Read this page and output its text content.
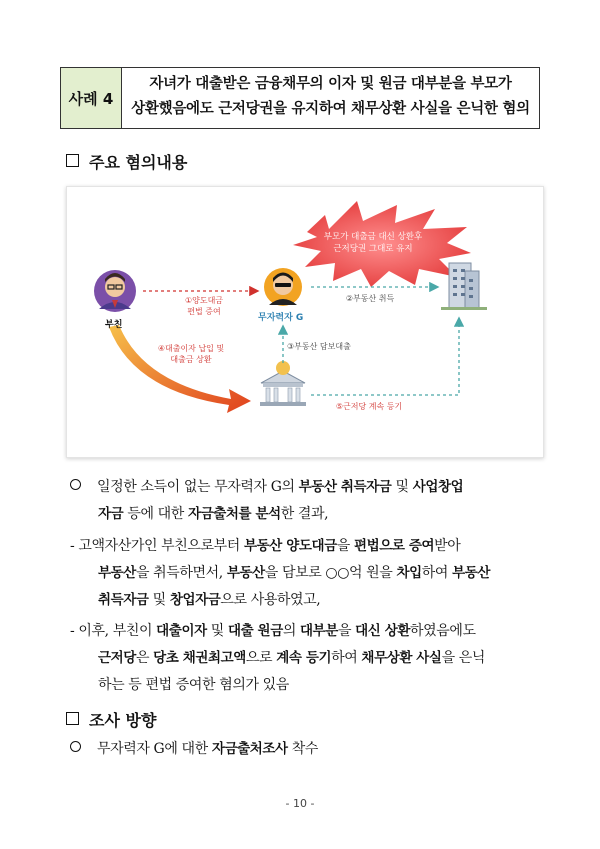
사례 4
자녀가 대출받은 금융채무의 이자 및 원금 대부분을 부모가
상환했음에도 근저당권을 유지하여 채무상환 사실을 은닉한 혐의
주요 혐의내용
부모가 대출금 대신 상환후
근저당권 그대로 유지
부친
무자력자 G
①양도대금
편법 증여
②부동산 취득
③부동산 담보대출
④대출이자 납입 및
대출금 상환
⑤근저당 계속 등기
일정한 소득이 없는 무자력자 G의 부동산 취득자금 및 사업창업
자금 등에 대한 자금출처를 분석한 결과,
- 고액자산가인 부친으로부터 부동산 양도대금을 편법으로 증여받아
부동산을 취득하면서, 부동산을 담보로 ○○억 원을 차입하여 부동산
취득자금 및 창업자금으로 사용하였고,
- 이후, 부친이 대출이자 및 대출 원금의 대부분을 대신 상환하였음에도
근저당은 당초 채권최고액으로 계속 등기하여 채무상환 사실을 은닉
하는 등 편법 증여한 혐의가 있음
조사 방향
무자력자 G에 대한 자금출처조사 착수
- 10 -
